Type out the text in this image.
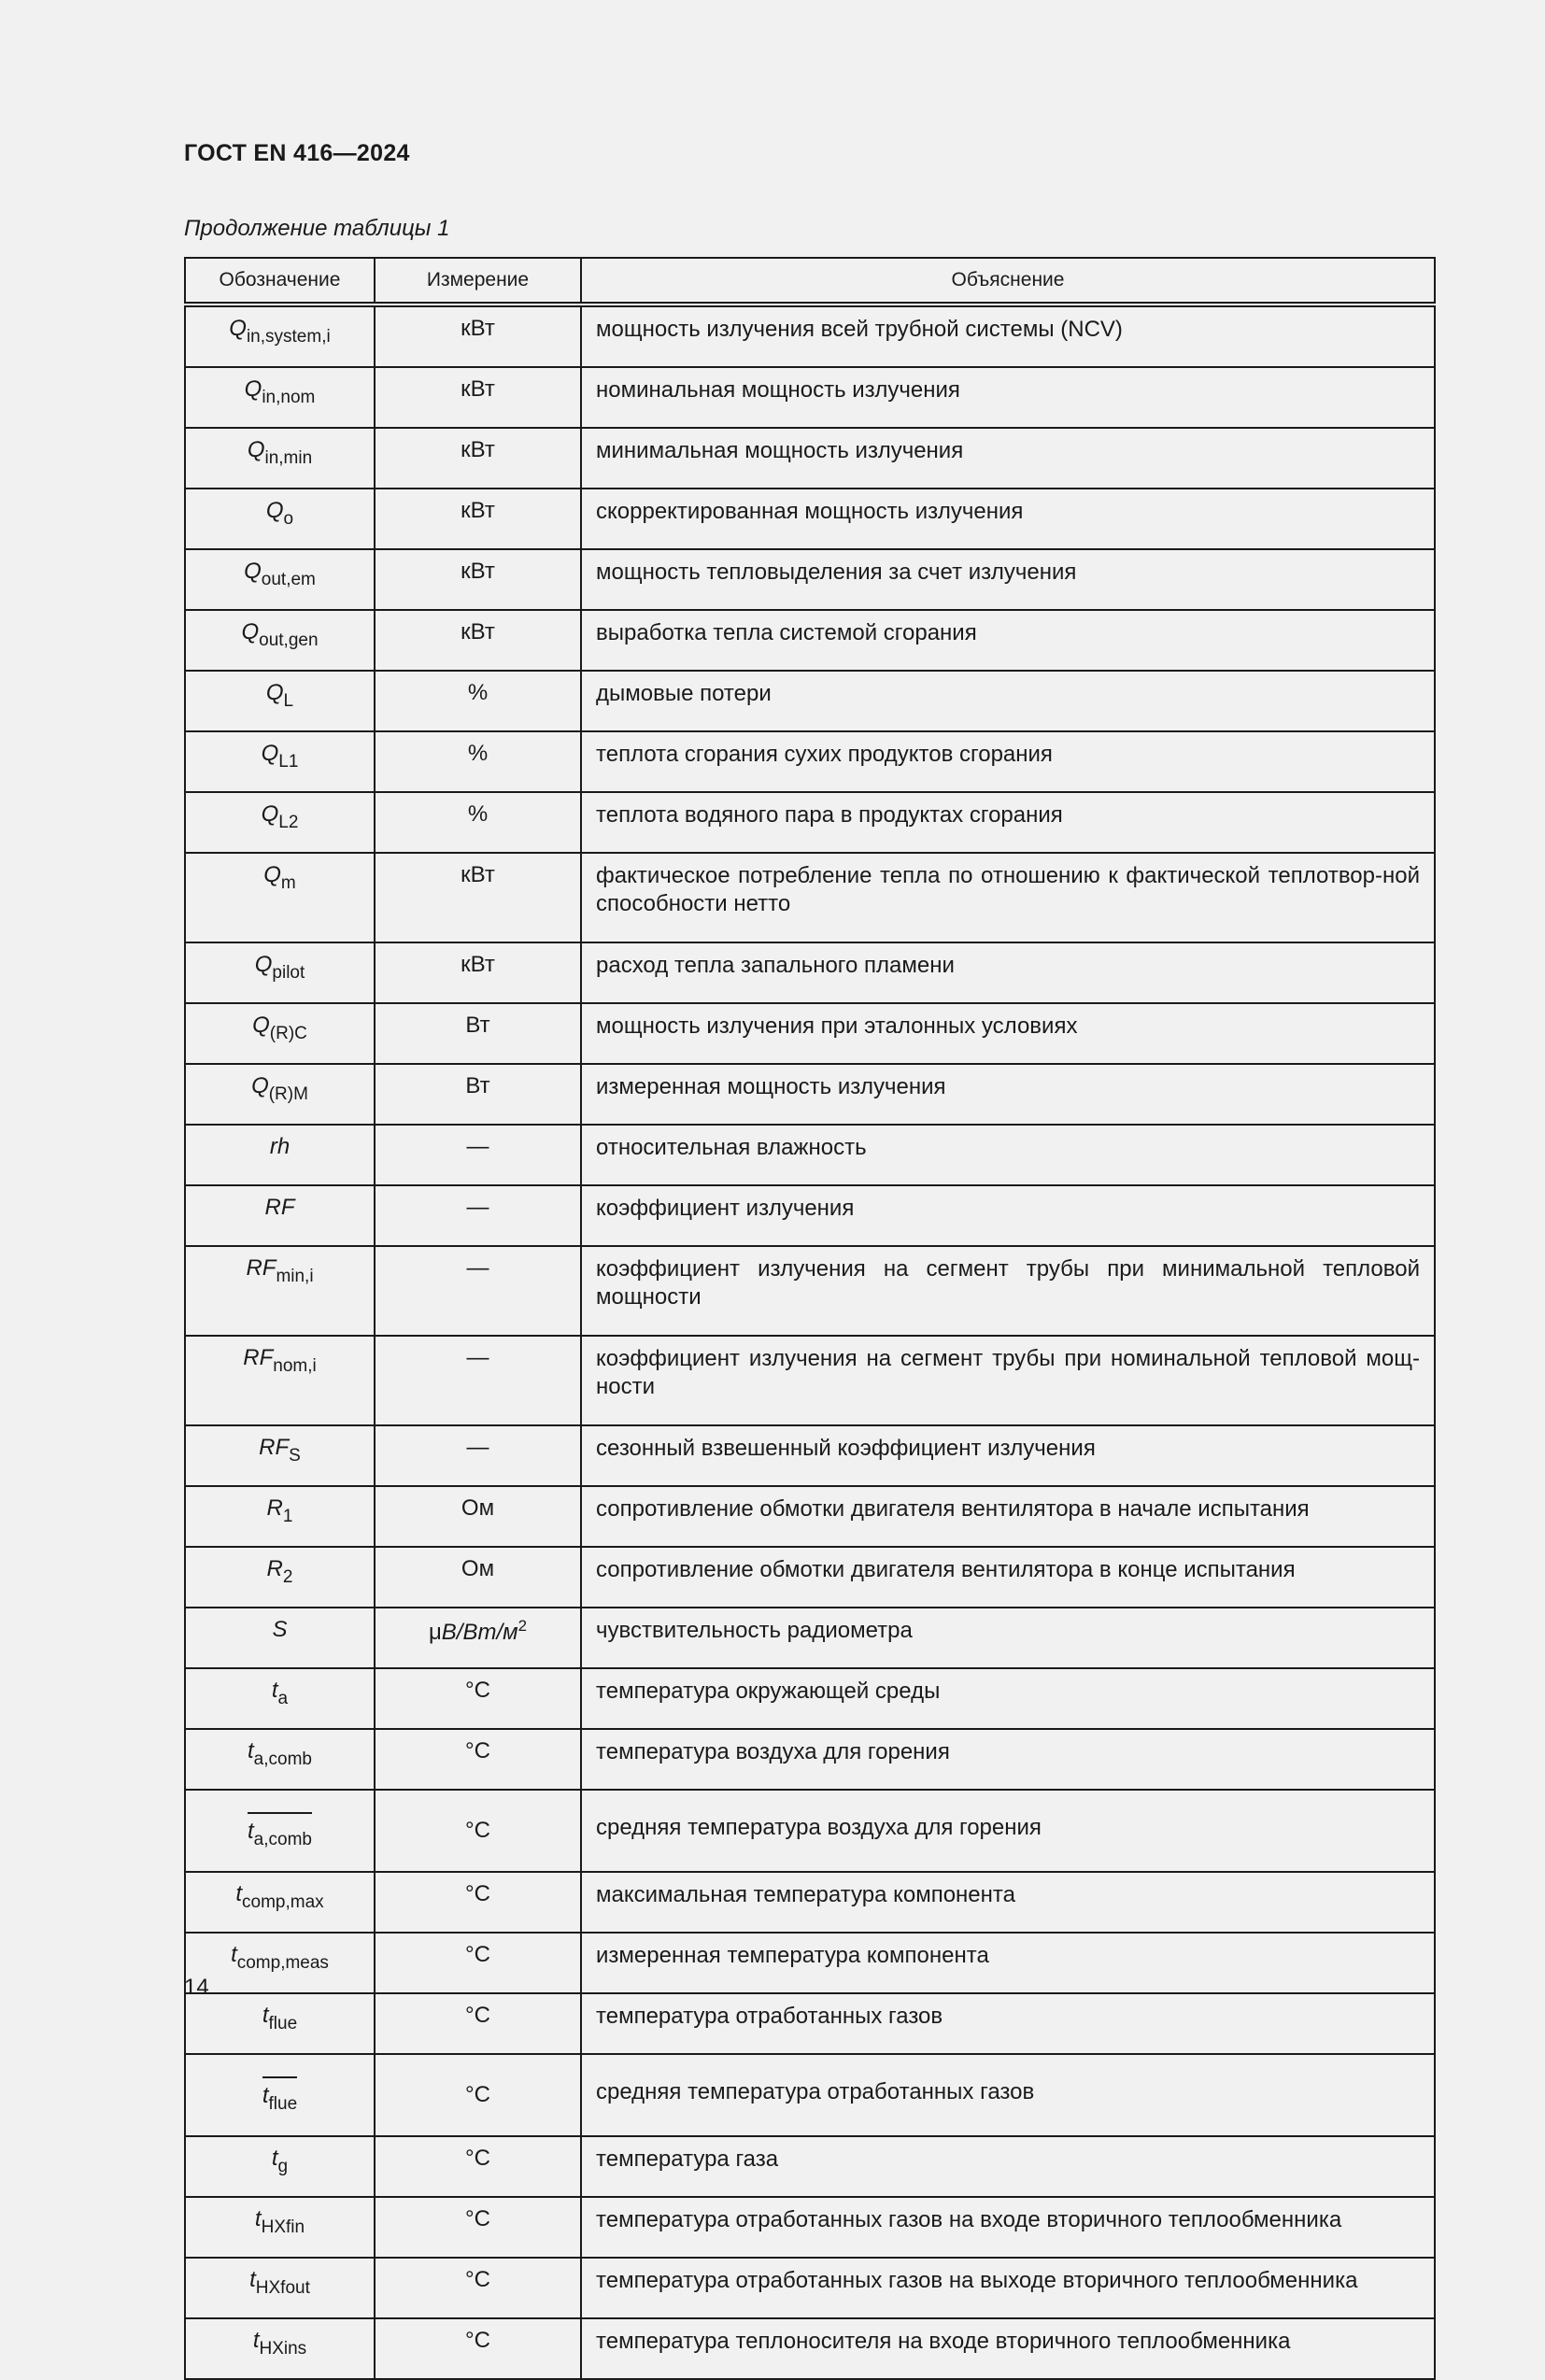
ГОСТ EN 416—2024
Продолжение таблицы 1
Обозначение	Измерение	Объяснение
$Q_{in,system,i}$	кВт	мощность излучения всей трубной системы (NCV)
$Q_{in,nom}$	кВт	номинальная мощность излучения
$Q_{in,min}$	кВт	минимальная мощность излучения
$Q_o$	кВт	скорректированная мощность излучения
$Q_{out,em}$	кВт	мощность тепловыделения за счет излучения
$Q_{out,gen}$	кВт	выработка тепла системой сгорания
$Q_L$	%	дымовые потери
$Q_{L1}$	%	теплота сгорания сухих продуктов сгорания
$Q_{L2}$	%	теплота водяного пара в продуктах сгорания
$Q_m$	кВт	фактическое потребление тепла по отношению к фактической теплотвор-ной способности нетто
$Q_{pilot}$	кВт	расход тепла запального пламени
$Q_{(R)C}$	Вт	мощность излучения при эталонных условиях
$Q_{(R)M}$	Вт	измеренная мощность излучения
rh	—	относительная влажность
RF	—	коэффициент излучения
$RF_{min,i}$	—	коэффициент излучения на сегмент трубы при минимальной тепловой мощности
$RF_{nom,i}$	—	коэффициент излучения на сегмент трубы при номинальной тепловой мощ-ности
$RF_S$	—	сезонный взвешенный коэффициент излучения
$R_1$	Ом	сопротивление обмотки двигателя вентилятора в начале испытания
$R_2$	Ом	сопротивление обмотки двигателя вентилятора в конце испытания
S	$\mu В/Вт/м^2$	чувствительность радиометра
$t_a$	°C	температура окружающей среды
$t_{a,comb}$	°C	температура воздуха для горения
$t_{a,comb}$	°C	средняя температура воздуха для горения
$t_{comp,max}$	°C	максимальная температура компонента
$t_{comp,meas}$	°C	измеренная температура компонента
$t_{flue}$	°C	температура отработанных газов
$t_{flue}$	°C	средняя температура отработанных газов
$t_g$	°C	температура газа
$t_{HXfin}$	°C	температура отработанных газов на входе вторичного теплообменника
$t_{HXfout}$	°C	температура отработанных газов на выходе вторичного теплообменника
$t_{HXins}$	°C	температура теплоносителя на входе вторичного теплообменника
14
